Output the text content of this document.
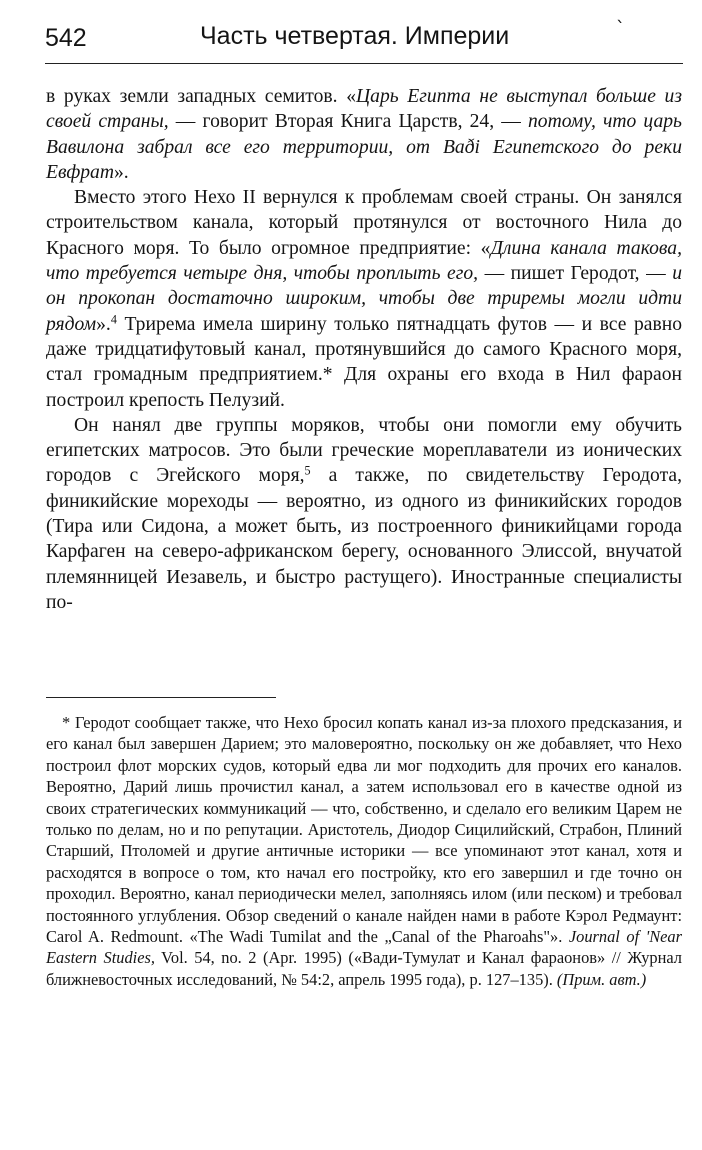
542	Часть четвертая. Империи	`

в руках земли западных семитов. «Царь Египта не выступал больше из своей страны, — говорит Вторая Книга Царств, 24, — потому, что царь Вавилона забрал все его территории, от Ваði Египетского до реки Евфрат».

Вместо этого Нехо II вернулся к проблемам своей страны. Он занялся строительством канала, который протянулся от восточного Нила до Красного моря. То было огромное предприятие: «Длина канала такова, что требуется четыре дня, чтобы проплыть его, — пишет Геродот, — и он прокопан достаточно широким, чтобы две триремы могли идти рядом».$^4$ Трирема имела ширину только пятнадцать футов — и все равно даже тридцатифутовый канал, протянувшийся до самого Красного моря, стал громадным предприятием.* Для охраны его входа в Нил фараон построил крепость Пелузий.

Он нанял две группы моряков, чтобы они помогли ему обучить египетских матросов. Это были греческие мореплаватели из ионических городов с Эгейского моря,$^5$ а также, по свидетельству Геродота, финикийские мореходы — вероятно, из одного из финикийских городов (Тира или Сидона, а может быть, из построенного финикийцами города Карфаген на северо-африканском берегу, основанного Элиссой, внучатой племянницей Иезавель, и быстро растущего). Иностранные специалисты по-

* Геродот сообщает также, что Нехо бросил копать канал из-за плохого предсказания, и его канал был завершен Дарием; это маловероятно, поскольку он же добавляет, что Нехо построил флот морских судов, который едва ли мог подходить для прочих его каналов. Вероятно, Дарий лишь прочистил канал, а затем использовал его в качестве одной из своих стратегических коммуникаций — что, собственно, и сделало его великим Царем не только по делам, но и по репутации. Аристотель, Диодор Сицилийский, Страбон, Плиний Старший, Птоломей и другие античные историки — все упоминают этот канал, хотя и расходятся в вопросе о том, кто начал его постройку, кто его завершил и где точно он проходил. Вероятно, канал периодически мелел, заполняясь илом (или песком) и требовал постоянного углубления. Обзор сведений о канале найден нами в работе Кэрол Редмаунт: Carol A. Redmount. «The Wadi Tumilat and the „Canal of the Pharoahs"». Journal of 'Near Eastern Studies, Vol. 54, no. 2 (Apr. 1995) («Вади-Тумулат и Канал фараонов» // Журнал ближневосточных исследований, № 54:2, апрель 1995 года), р. 127–135). (Прим. авт.)
